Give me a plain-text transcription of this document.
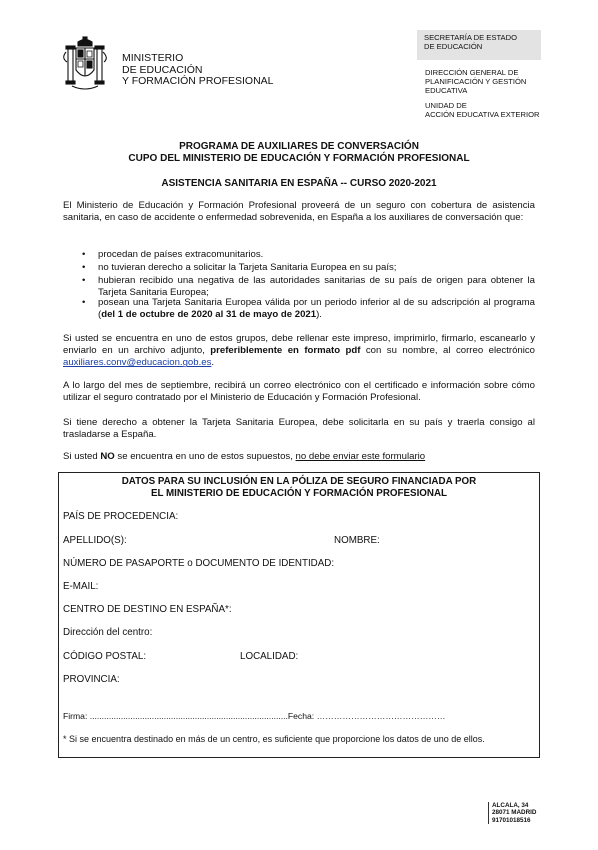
MINISTERIO
DE EDUCACIÓN
Y FORMACIÓN PROFESIONAL
SECRETARÍA DE ESTADO
DE EDUCACIÓN
DIRECCIÓN GENERAL DE
PLANIFICACIÓN Y GESTIÓN
EDUCATIVA
UNIDAD DE
ACCIÓN EDUCATIVA EXTERIOR
PROGRAMA DE AUXILIARES DE CONVERSACIÓN
CUPO DEL MINISTERIO DE EDUCACIÓN Y FORMACIÓN PROFESIONAL
ASISTENCIA SANITARIA EN ESPAÑA -- CURSO 2020-2021
El Ministerio de Educación y Formación Profesional proveerá de un seguro con cobertura de asistencia sanitaria, en caso de accidente o enfermedad sobrevenida, en España a los auxiliares de conversación que:
• procedan de países extracomunitarios.
• no tuvieran derecho a solicitar la Tarjeta Sanitaria Europea en su país;
• hubieran recibido una negativa de las autoridades sanitarias de su país de origen para obtener la Tarjeta Sanitaria Europea;
• posean una Tarjeta Sanitaria Europea válida por un periodo inferior al de su adscripción al programa (del 1 de octubre de 2020 al 31 de mayo de 2021).
Si usted se encuentra en uno de estos grupos, debe rellenar este impreso, imprimirlo, firmarlo, escanearlo y enviarlo en un archivo adjunto, preferiblemente en formato pdf con su nombre, al correo electrónico auxiliares.conv@educacion.gob.es.
A lo largo del mes de septiembre, recibirá un correo electrónico con el certificado e información sobre cómo utilizar el seguro contratado por el Ministerio de Educación y Formación Profesional.
Si tiene derecho a obtener la Tarjeta Sanitaria Europea, debe solicitarla en su país y traerla consigo al trasladarse a España.
Si usted NO se encuentra en uno de estos supuestos, no debe enviar este formulario
DATOS PARA SU INCLUSIÓN EN LA PÓLIZA DE SEGURO FINANCIADA POR
EL MINISTERIO DE EDUCACIÓN Y FORMACIÓN PROFESIONAL
PAÍS DE PROCEDENCIA:
APELLIDO(S):	NOMBRE:
NÚMERO DE PASAPORTE o DOCUMENTO DE IDENTIDAD:
E-MAIL:
CENTRO DE DESTINO EN ESPAÑA*:
Dirección del centro:
CÓDIGO POSTAL:	LOCALIDAD:
PROVINCIA:
Firma: ...................................................................................Fecha: ………………………………………
* Si se encuentra destinado en más de un centro, es suficiente que proporcione los datos de uno de ellos.
ALCALA, 34
28071 MADRID
91701018516
